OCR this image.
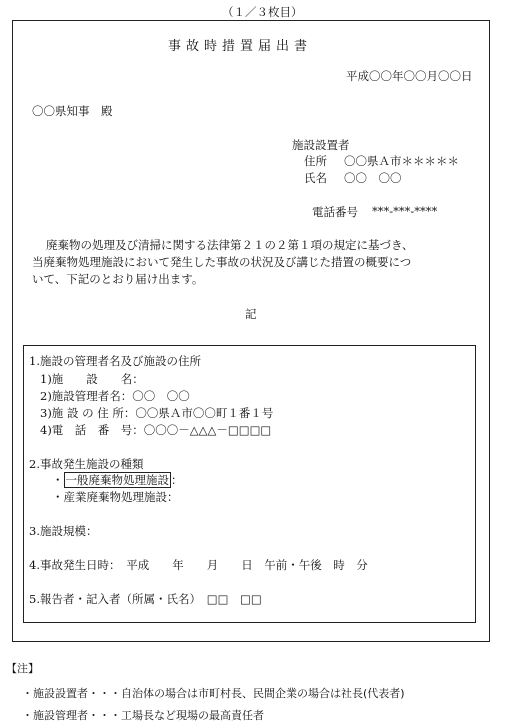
（１／３枚目）
事故時措置届出書
平成〇〇年〇〇月〇〇日
〇〇県知事　殿
施設設置者
住所 〇〇県Ａ市＊＊＊＊＊
氏名 〇〇　〇〇
電話番号 ***-***-****
廃棄物の処理及び清掃に関する法律第２１の２第１項の規定に基づき、
当廃棄物処理施設において発生した事故の状況及び講じた措置の概要につ
いて、下記のとおり届け出ます。
記
1.施設の管理者名及び施設の住所
1)施　　設　　名：
2)施設管理者名：〇〇　〇〇
3)施 設 の 住 所：〇〇県Ａ市〇〇町１番１号
4)電　話　番　号：〇〇〇－△△△－□□□□
2.事故発生施設の種類
・ 一般廃棄物処理施設 ：
・産業廃棄物処理施設：
3.施設規模：
4.事故発生日時：　平成　　年　　月　　日　午前・午後　時　分
5.報告者・記入者（所属・氏名）　□□　□□
【注】
・施設設置者・・・自治体の場合は市町村長、民間企業の場合は社長(代表者)
・施設管理者・・・工場長など現場の最高責任者
